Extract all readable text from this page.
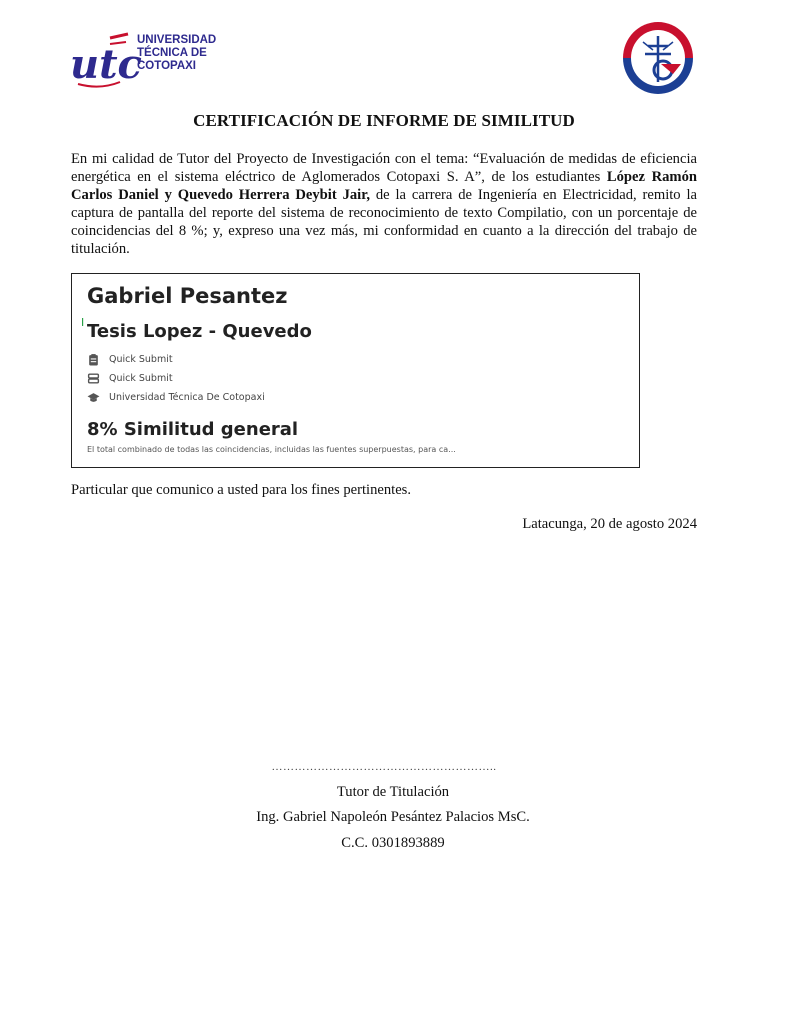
utc
UNIVERSIDAD
TÉCNICA DE
COTOPAXI
CERTIFICACIÓN DE INFORME DE SIMILITUD
En mi calidad de Tutor del Proyecto de Investigación con el tema: “Evaluación de medidas de eficiencia energética en el sistema eléctrico de Aglomerados Cotopaxi S. A”, de los estudiantes López Ramón Carlos Daniel y Quevedo Herrera Deybit Jair, de la carrera de Ingeniería en Electricidad, remito la captura de pantalla del reporte del sistema de reconocimiento de texto Compilatio, con un porcentaje de coincidencias del 8 %; y, expreso una vez más, mi conformidad en cuanto a la dirección del trabajo de titulación.
Gabriel Pesantez
I Tesis Lopez - Quevedo
Quick Submit
Quick Submit
Universidad Técnica De Cotopaxi
8% Similitud general
El total combinado de todas las coincidencias, incluidas las fuentes superpuestas, para ca...
Particular que comunico a usted para los fines pertinentes.
Latacunga, 20 de agosto 2024
…………………………………………………..
Tutor de Titulación
Ing. Gabriel Napoleón Pesántez Palacios MsC.
C.C. 0301893889
